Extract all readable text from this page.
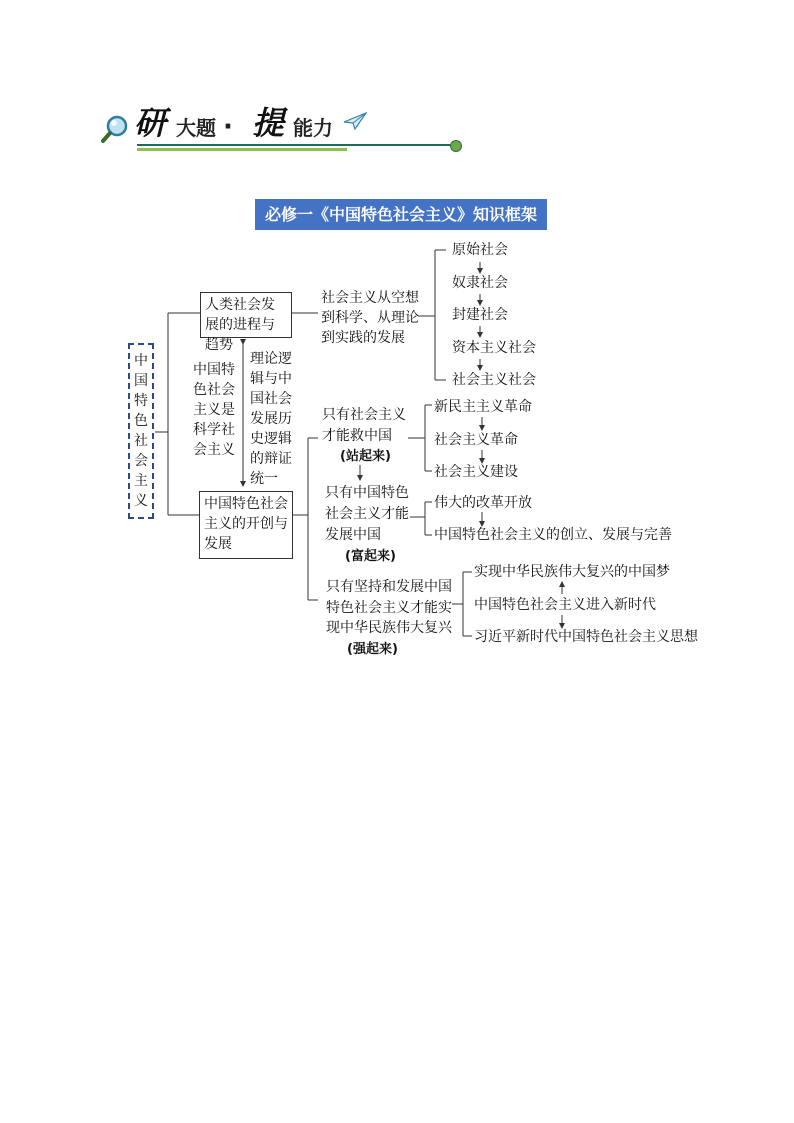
研 大题 · 提 能力
必修一《中国特色社会主义》知识框架
中国特色社会主义
人类社会发展的进程与趋势
中国特色社会主义的开创与发展
中国特色社会主义是科学社会主义
理论逻辑与中国社会发展历史逻辑的辩证统一
社会主义从空想到科学、从理论到实践的发展
原始社会
奴隶社会
封建社会
资本主义社会
社会主义社会
只有社会主义
才能救中国
(站起来)
新民主主义革命
社会主义革命
社会主义建设
只有中国特色
社会主义才能
发展中国
(富起来)
伟大的改革开放
中国特色社会主义的创立、发展与完善
只有坚持和发展中国
特色社会主义才能实
现中华民族伟大复兴
(强起来)
实现中华民族伟大复兴的中国梦
中国特色社会主义进入新时代
习近平新时代中国特色社会主义思想
